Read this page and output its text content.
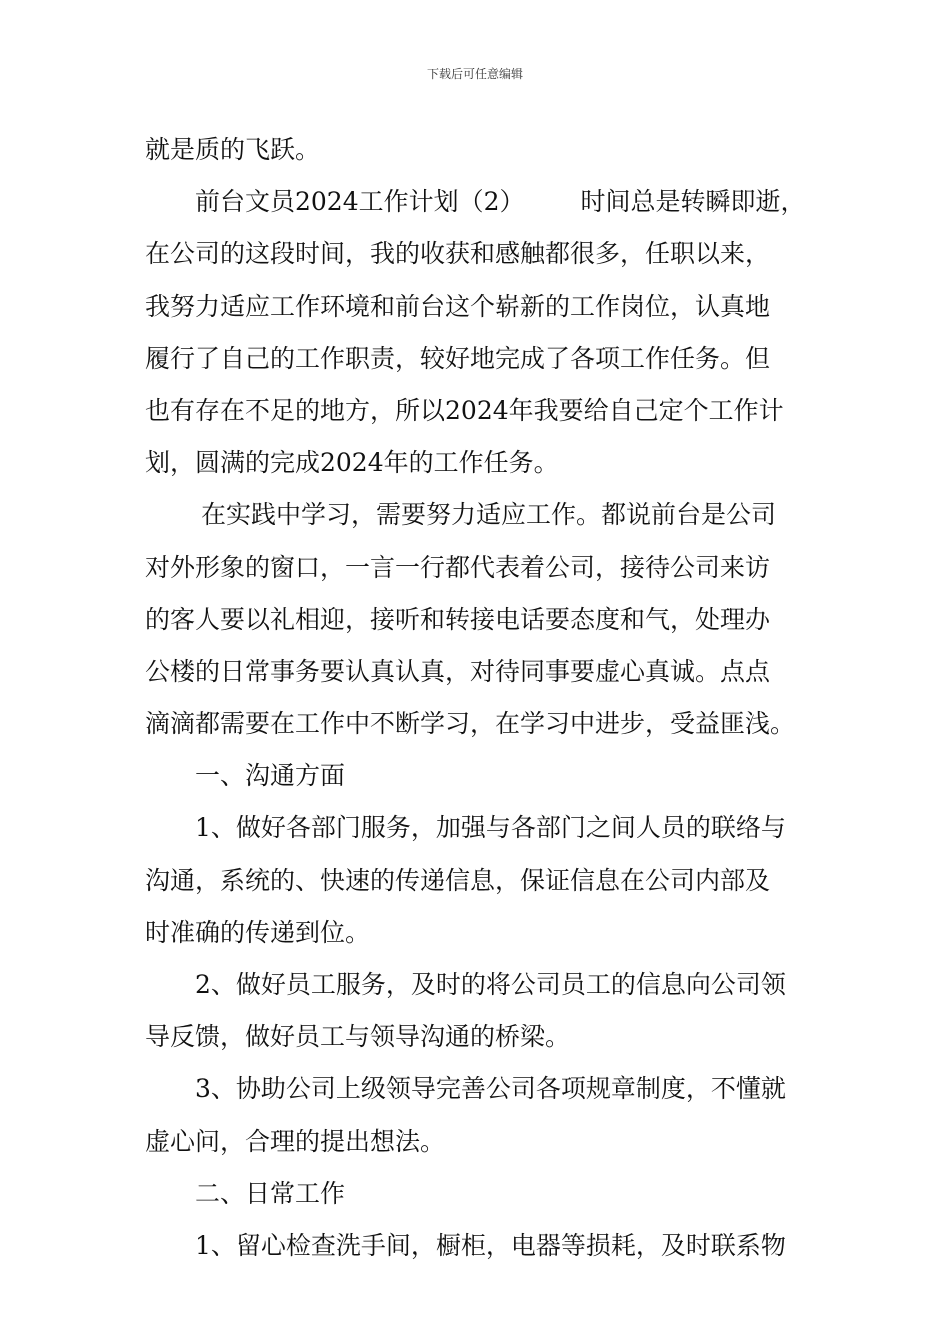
下载后可任意编辑
就是质的飞跃。
前台文员2024工作计划（2） 时间总是转瞬即逝，
在公司的这段时间，我的收获和感触都很多，任职以来，
我努力适应工作环境和前台这个崭新的工作岗位，认真地
履行了自己的工作职责，较好地完成了各项工作任务。但
也有存在不足的地方，所以2024年我要给自己定个工作计
划，圆满的完成2024年的工作任务。
在实践中学习，需要努力适应工作。都说前台是公司
对外形象的窗口，一言一行都代表着公司，接待公司来访
的客人要以礼相迎，接听和转接电话要态度和气，处理办
公楼的日常事务要认真认真，对待同事要虚心真诚。点点
滴滴都需要在工作中不断学习，在学习中进步，受益匪浅。
一、沟通方面
1、做好各部门服务，加强与各部门之间人员的联络与
沟通，系统的、快速的传递信息，保证信息在公司内部及
时准确的传递到位。
2、做好员工服务，及时的将公司员工的信息向公司领
导反馈，做好员工与领导沟通的桥梁。
3、协助公司上级领导完善公司各项规章制度，不懂就
虚心问，合理的提出想法。
二、日常工作
1、留心检查洗手间，橱柜，电器等损耗，及时联系物
